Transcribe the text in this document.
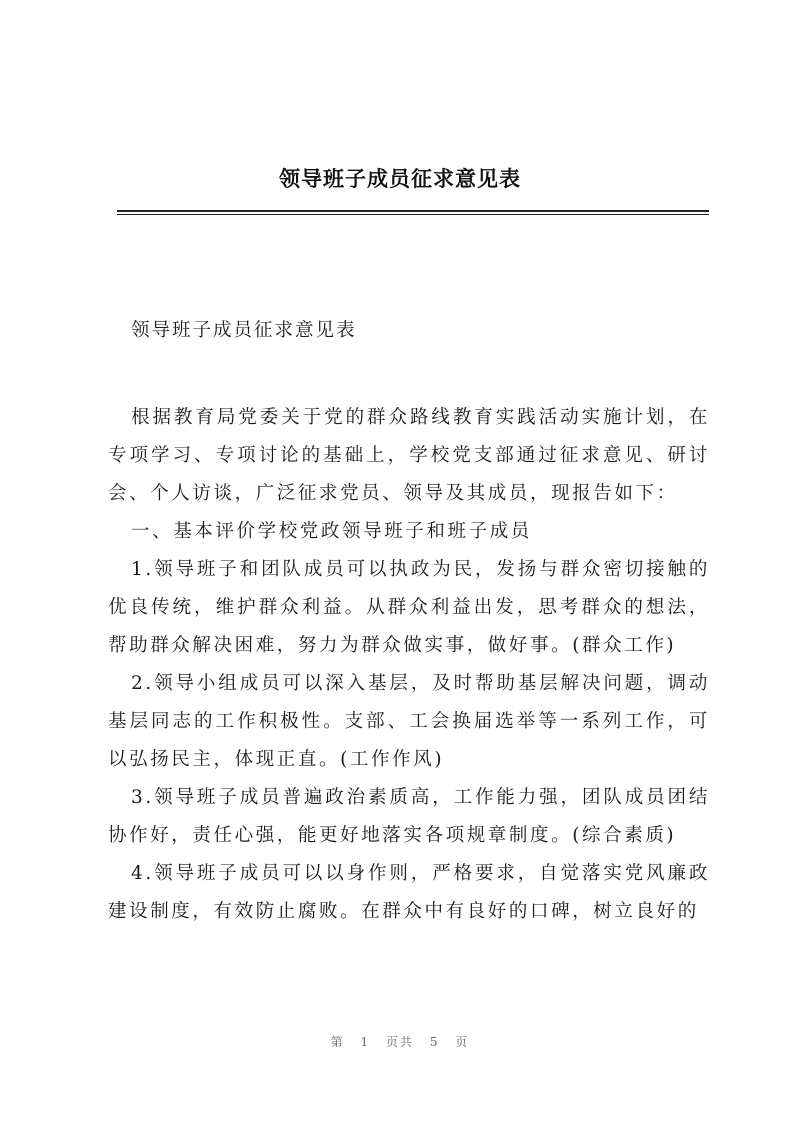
领导班子成员征求意见表
领导班子成员征求意见表

根据教育局党委关于党的群众路线教育实践活动实施计划，在专项学习、专项讨论的基础上，学校党支部通过征求意见、研讨会、个人访谈，广泛征求党员、领导及其成员，现报告如下：

一、基本评价学校党政领导班子和班子成员

1.领导班子和团队成员可以执政为民，发扬与群众密切接触的优良传统，维护群众利益。从群众利益出发，思考群众的想法，帮助群众解决困难，努力为群众做实事，做好事。(群众工作)

2.领导小组成员可以深入基层，及时帮助基层解决问题，调动基层同志的工作积极性。支部、工会换届选举等一系列工作，可以弘扬民主，体现正直。(工作作风)

3.领导班子成员普遍政治素质高，工作能力强，团队成员团结协作好，责任心强，能更好地落实各项规章制度。(综合素质)

4.领导班子成员可以以身作则，严格要求，自觉落实党风廉政建设制度，有效防止腐败。在群众中有良好的口碑，树立良好的

第 1 页共 5 页
